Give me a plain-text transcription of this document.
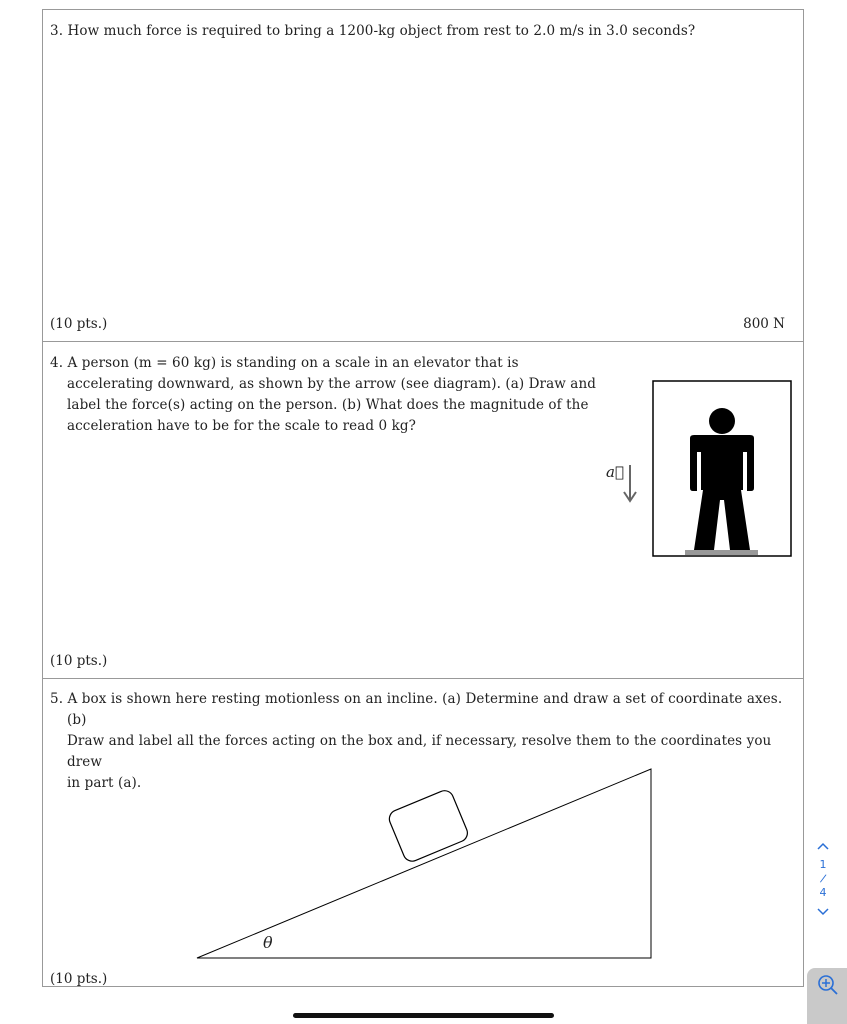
3. How much force is required to bring a 1200-kg object from rest to 2.0 m/s in 3.0 seconds?
(10 pts.)	800 N
4. A person (m = 60 kg) is standing on a scale in an elevator that is
accelerating downward, as shown by the arrow (see diagram). (a) Draw and
label the force(s) acting on the person. (b) What does the magnitude of the
acceleration have to be for the scale to read 0 kg?
a⃗
(10 pts.)
5. A box is shown here resting motionless on an incline. (a) Determine and draw a set of coordinate axes. (b)
Draw and label all the forces acting on the box and, if necessary, resolve them to the coordinates you drew
in part (a).
θ
(10 pts.)
1
/
4
